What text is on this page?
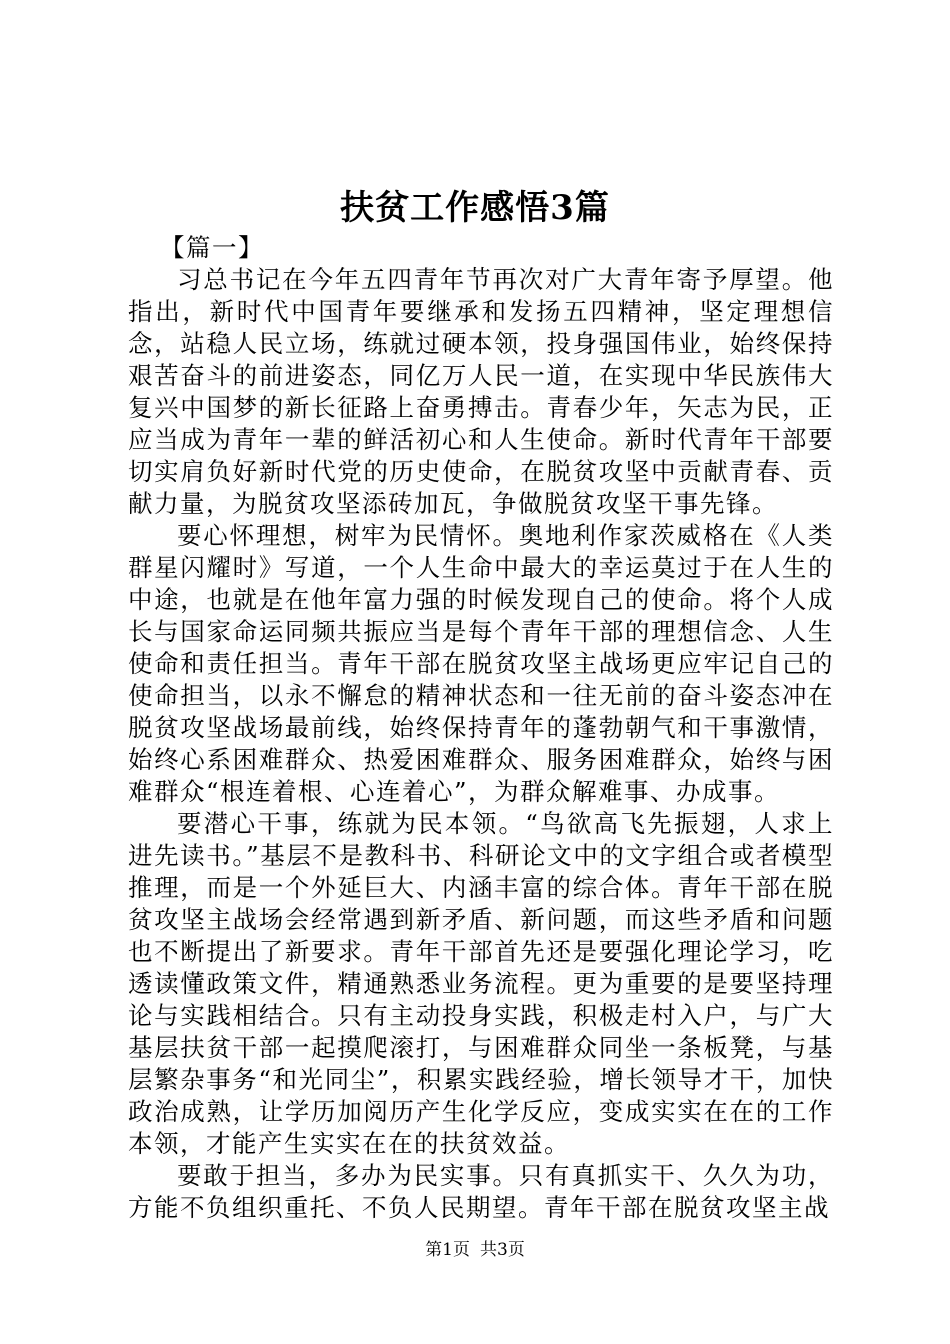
扶贫工作感悟3篇

【篇一】

习总书记在今年五四青年节再次对广大青年寄予厚望。他指出，新时代中国青年要继承和发扬五四精神，坚定理想信念，站稳人民立场，练就过硬本领，投身强国伟业，始终保持艰苦奋斗的前进姿态，同亿万人民一道，在实现中华民族伟大复兴中国梦的新长征路上奋勇搏击。青春少年，矢志为民，正应当成为青年一辈的鲜活初心和人生使命。新时代青年干部要切实肩负好新时代党的历史使命，在脱贫攻坚中贡献青春、贡献力量，为脱贫攻坚添砖加瓦，争做脱贫攻坚干事先锋。

要心怀理想，树牢为民情怀。奥地利作家茨威格在《人类群星闪耀时》写道，一个人生命中最大的幸运莫过于在人生的中途，也就是在他年富力强的时候发现自己的使命。将个人成长与国家命运同频共振应当是每个青年干部的理想信念、人生使命和责任担当。青年干部在脱贫攻坚主战场更应牢记自己的使命担当，以永不懈怠的精神状态和一往无前的奋斗姿态冲在脱贫攻坚战场最前线，始终保持青年的蓬勃朝气和干事激情，始终心系困难群众、热爱困难群众、服务困难群众，始终与困难群众“根连着根、心连着心”，为群众解难事、办成事。

要潜心干事，练就为民本领。“鸟欲高飞先振翅，人求上进先读书。”基层不是教科书、科研论文中的文字组合或者模型推理，而是一个外延巨大、内涵丰富的综合体。青年干部在脱贫攻坚主战场会经常遇到新矛盾、新问题，而这些矛盾和问题也不断提出了新要求。青年干部首先还是要强化理论学习，吃透读懂政策文件，精通熟悉业务流程。更为重要的是要坚持理论与实践相结合。只有主动投身实践，积极走村入户，与广大基层扶贫干部一起摸爬滚打，与困难群众同坐一条板凳，与基层繁杂事务“和光同尘”，积累实践经验，增长领导才干，加快政治成熟，让学历加阅历产生化学反应，变成实实在在的工作本领，才能产生实实在在的扶贫效益。

要敢于担当，多办为民实事。只有真抓实干、久久为功，方能不负组织重托、不负人民期望。青年干部在脱贫攻坚主战

第1页 共3页
